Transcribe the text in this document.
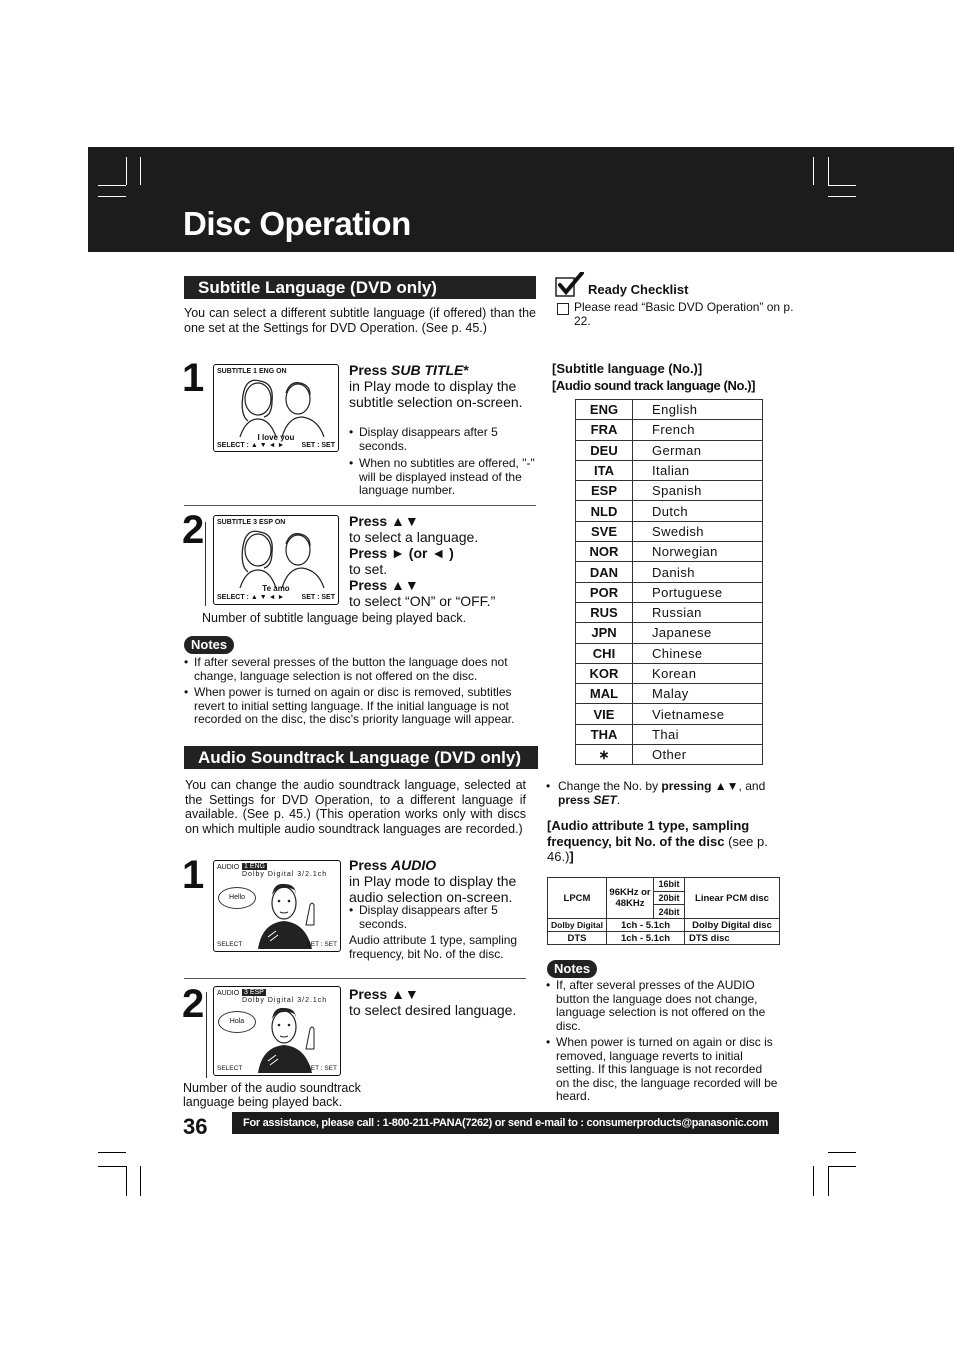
Disc Operation
Subtitle Language (DVD only)
You can select a different subtitle language (if offered) than the one set at the Settings for DVD Operation. (See p. 45.)
1 SUBTITLE 1 ENG ON
I love you
SELECT : ▲ ▼ ◄ ► SET : SET
Press SUB TITLE*
in Play mode to display the subtitle selection on-screen.
• Display disappears after 5 seconds.
• When no subtitles are offered, "-" will be displayed instead of the language number.
2 SUBTITLE 3 ESP ON
Te amo
SELECT : ▲ ▼ ◄ ► SET : SET
Press ▲▼
to select a language.
Press ► (or ◄ )
to set.
Press ▲▼
to select “ON” or “OFF.”
Number of subtitle language being played back.
Notes
• If after several presses of the button the language does not change, language selection is not offered on the disc.
• When power is turned on again or disc is removed, subtitles revert to initial setting language. If the initial language is not recorded on the disc, the disc's priority language will appear.
Audio Soundtrack Language (DVD only)
You can change the audio soundtrack language, selected at the Settings for DVD Operation, to a different language if available. (See p. 45.) (This operation works only with discs on which multiple audio soundtrack languages are recorded.)
1 AUDIO 1 ENG
Dolby Digital 3/2.1ch
Hello
SELECT	SET : SET
Press AUDIO
in Play mode to display the audio selection on-screen.
• Display disappears after 5 seconds.
Audio attribute 1 type, sampling frequency, bit No. of the disc.
2 AUDIO 3 ESP
Dolby Digital 3/2.1ch
Hola
SELECT	SET : SET
Press ▲▼
to select desired language.
Number of the audio soundtrack language being played back.
Ready Checklist
Please read “Basic DVD Operation” on p. 22.
[Subtitle language (No.)]
[Audio sound track language (No.)]
ENG	English
FRA	French
DEU	German
ITA	Italian
ESP	Spanish
NLD	Dutch
SVE	Swedish
NOR	Norwegian
DAN	Danish
POR	Portuguese
RUS	Russian
JPN	Japanese
CHI	Chinese
KOR	Korean
MAL	Malay
VIE	Vietnamese
THA	Thai
∗	Other
• Change the No. by pressing ▲▼, and press SET.
[Audio attribute 1 type, sampling frequency, bit No. of the disc (see p. 46.)]
LPCM	96KHz or 48KHz	16bit	Linear PCM disc
		20bit	
		24bit	
Dolby Digital	1ch - 5.1ch		Dolby Digital disc
DTS	1ch - 5.1ch		DTS disc
Notes
• If, after several presses of the AUDIO button the language does not change, language selection is not offered on the disc.
• When power is turned on again or disc is removed, language reverts to initial setting. If this language is not recorded on the disc, the language recorded will be heard.
36	For assistance, please call : 1-800-211-PANA(7262) or send e-mail to : consumerproducts@panasonic.com
